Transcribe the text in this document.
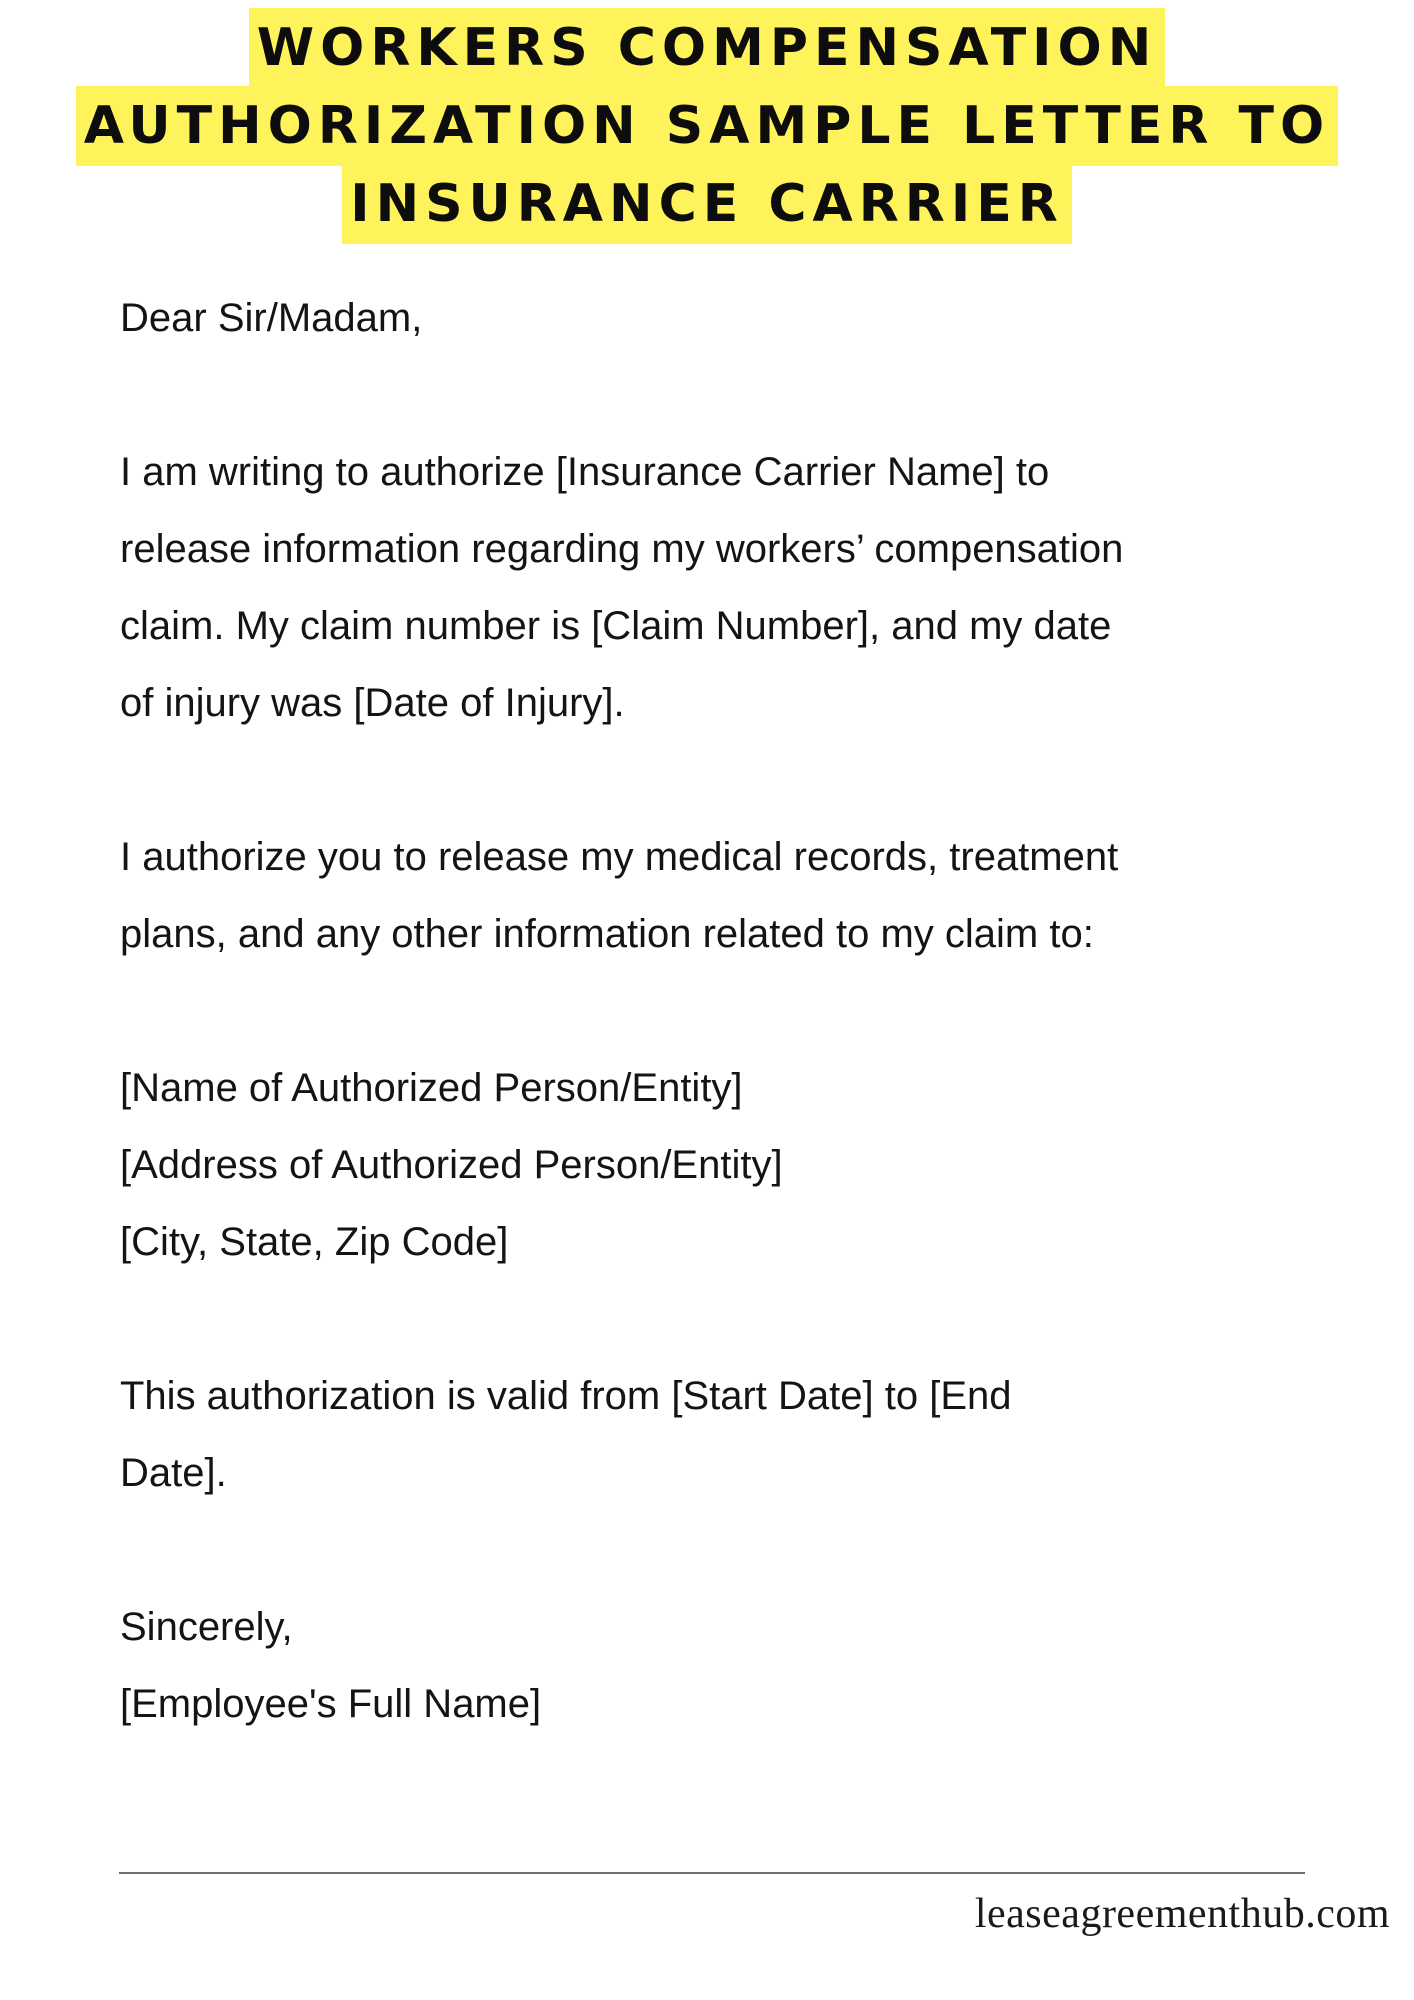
WORKERS COMPENSATION
AUTHORIZATION SAMPLE LETTER TO
INSURANCE CARRIER

Dear Sir/Madam,

I am writing to authorize [Insurance Carrier Name] to

release information regarding my workers’ compensation

claim. My claim number is [Claim Number], and my date

of injury was [Date of Injury].

I authorize you to release my medical records, treatment

plans, and any other information related to my claim to:

[Name of Authorized Person/Entity]

[Address of Authorized Person/Entity]

[City, State, Zip Code]

This authorization is valid from [Start Date] to [End

Date].

Sincerely,

[Employee's Full Name]

leaseagreementhub.com
